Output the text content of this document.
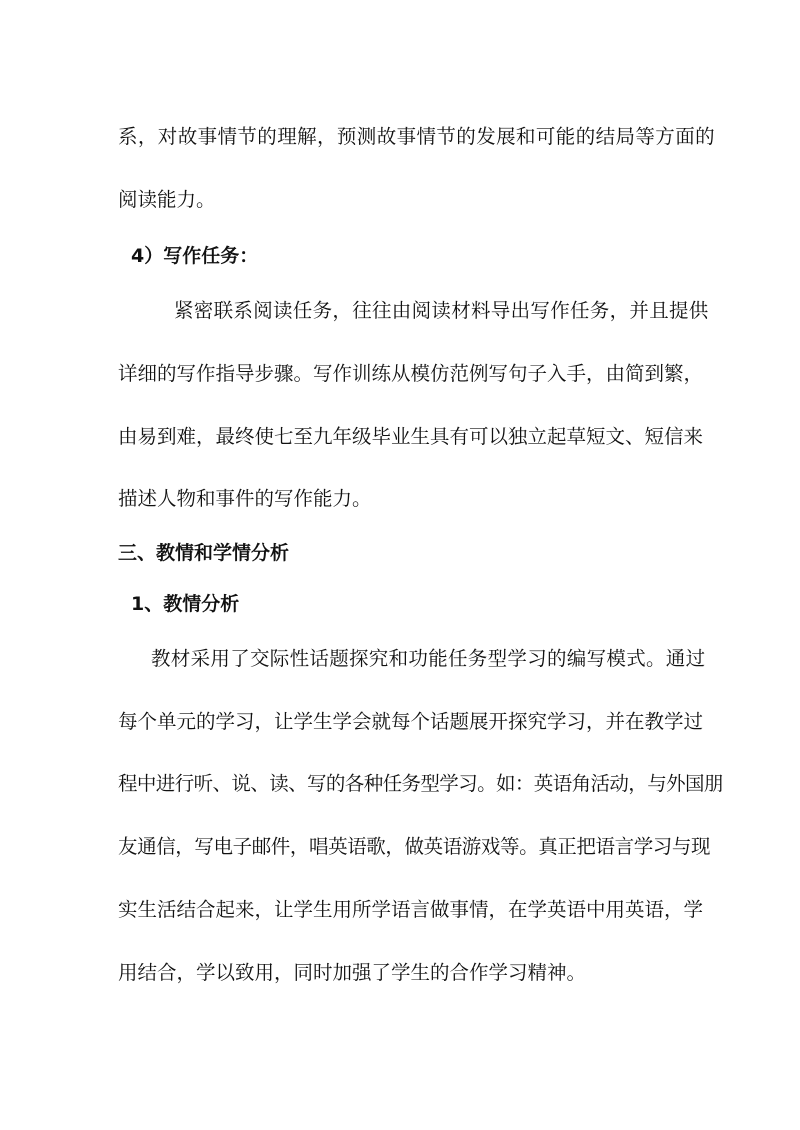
系，对故事情节的理解，预测故事情节的发展和可能的结局等方面的

阅读能力。

4）写作任务：

紧密联系阅读任务，往往由阅读材料导出写作任务，并且提供

详细的写作指导步骤。写作训练从模仿范例写句子入手，由简到繁，

由易到难，最终使七至九年级毕业生具有可以独立起草短文、短信来

描述人物和事件的写作能力。

三、教情和学情分析

1、教情分析

教材采用了交际性话题探究和功能任务型学习的编写模式。通过

每个单元的学习，让学生学会就每个话题展开探究学习，并在教学过

程中进行听、说、读、写的各种任务型学习。如：英语角活动，与外国朋

友通信，写电子邮件，唱英语歌，做英语游戏等。真正把语言学习与现

实生活结合起来，让学生用所学语言做事情，在学英语中用英语，学

用结合，学以致用，同时加强了学生的合作学习精神。
